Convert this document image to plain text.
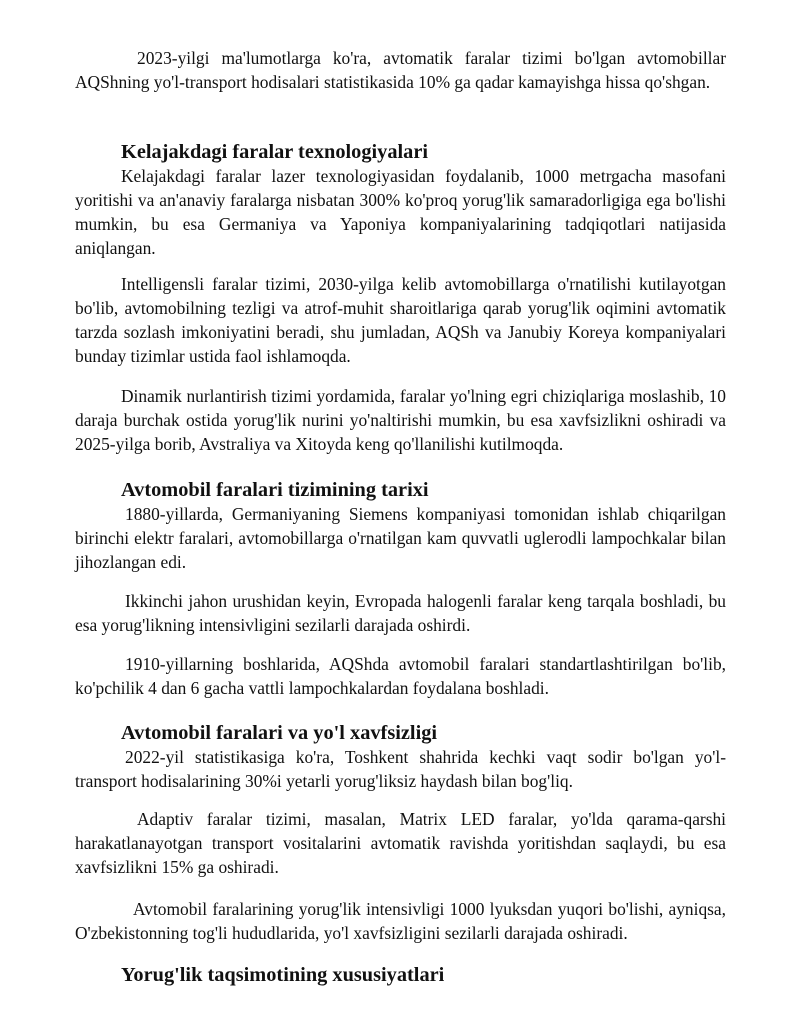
2023-yilgi ma'lumotlarga ko'ra, avtomatik faralar tizimi bo'lgan avtomobillar AQShning yo'l-transport hodisalari statistikasida 10% ga qadar kamayishga hissa qo'shgan.

Kelajakdagi faralar texnologiyalari

Kelajakdagi faralar lazer texnologiyasidan foydalanib, 1000 metrgacha masofani yoritishi va an'anaviy faralarga nisbatan 300% ko'proq yorug'lik samaradorligiga ega bo'lishi mumkin, bu esa Germaniya va Yaponiya kompaniyalarining tadqiqotlari natijasida aniqlangan.

Intelligensli faralar tizimi, 2030-yilga kelib avtomobillarga o'rnatilishi kutilayotgan bo'lib, avtomobilning tezligi va atrof-muhit sharoitlariga qarab yorug'lik oqimini avtomatik tarzda sozlash imkoniyatini beradi, shu jumladan, AQSh va Janubiy Koreya kompaniyalari bunday tizimlar ustida faol ishlamoqda.

Dinamik nurlantirish tizimi yordamida, faralar yo'lning egri chiziqlariga moslashib, 10 daraja burchak ostida yorug'lik nurini yo'naltirishi mumkin, bu esa xavfsizlikni oshiradi va 2025-yilga borib, Avstraliya va Xitoyda keng qo'llanilishi kutilmoqda.

Avtomobil faralari tizimining tarixi

1880-yillarda, Germaniyaning Siemens kompaniyasi tomonidan ishlab chiqarilgan birinchi elektr faralari, avtomobillarga o'rnatilgan kam quvvatli uglerodli lampochkalar bilan jihozlangan edi.

Ikkinchi jahon urushidan keyin, Evropada halogenli faralar keng tarqala boshladi, bu esa yorug'likning intensivligini sezilarli darajada oshirdi.

1910-yillarning boshlarida, AQShda avtomobil faralari standartlashtirilgan bo'lib, ko'pchilik 4 dan 6 gacha vattli lampochkalardan foydalana boshladi.

Avtomobil faralari va yo'l xavfsizligi

2022-yil statistikasiga ko'ra, Toshkent shahrida kechki vaqt sodir bo'lgan yo'l-transport hodisalarining 30%i yetarli yorug'liksiz haydash bilan bog'liq.

Adaptiv faralar tizimi, masalan, Matrix LED faralar, yo'lda qarama-qarshi harakatlanayotgan transport vositalarini avtomatik ravishda yoritishdan saqlaydi, bu esa xavfsizlikni 15% ga oshiradi.

Avtomobil faralarining yorug'lik intensivligi 1000 lyuksdan yuqori bo'lishi, ayniqsa, O'zbekistonning tog'li hududlarida, yo'l xavfsizligini sezilarli darajada oshiradi.

Yorug'lik taqsimotining xususiyatlari
